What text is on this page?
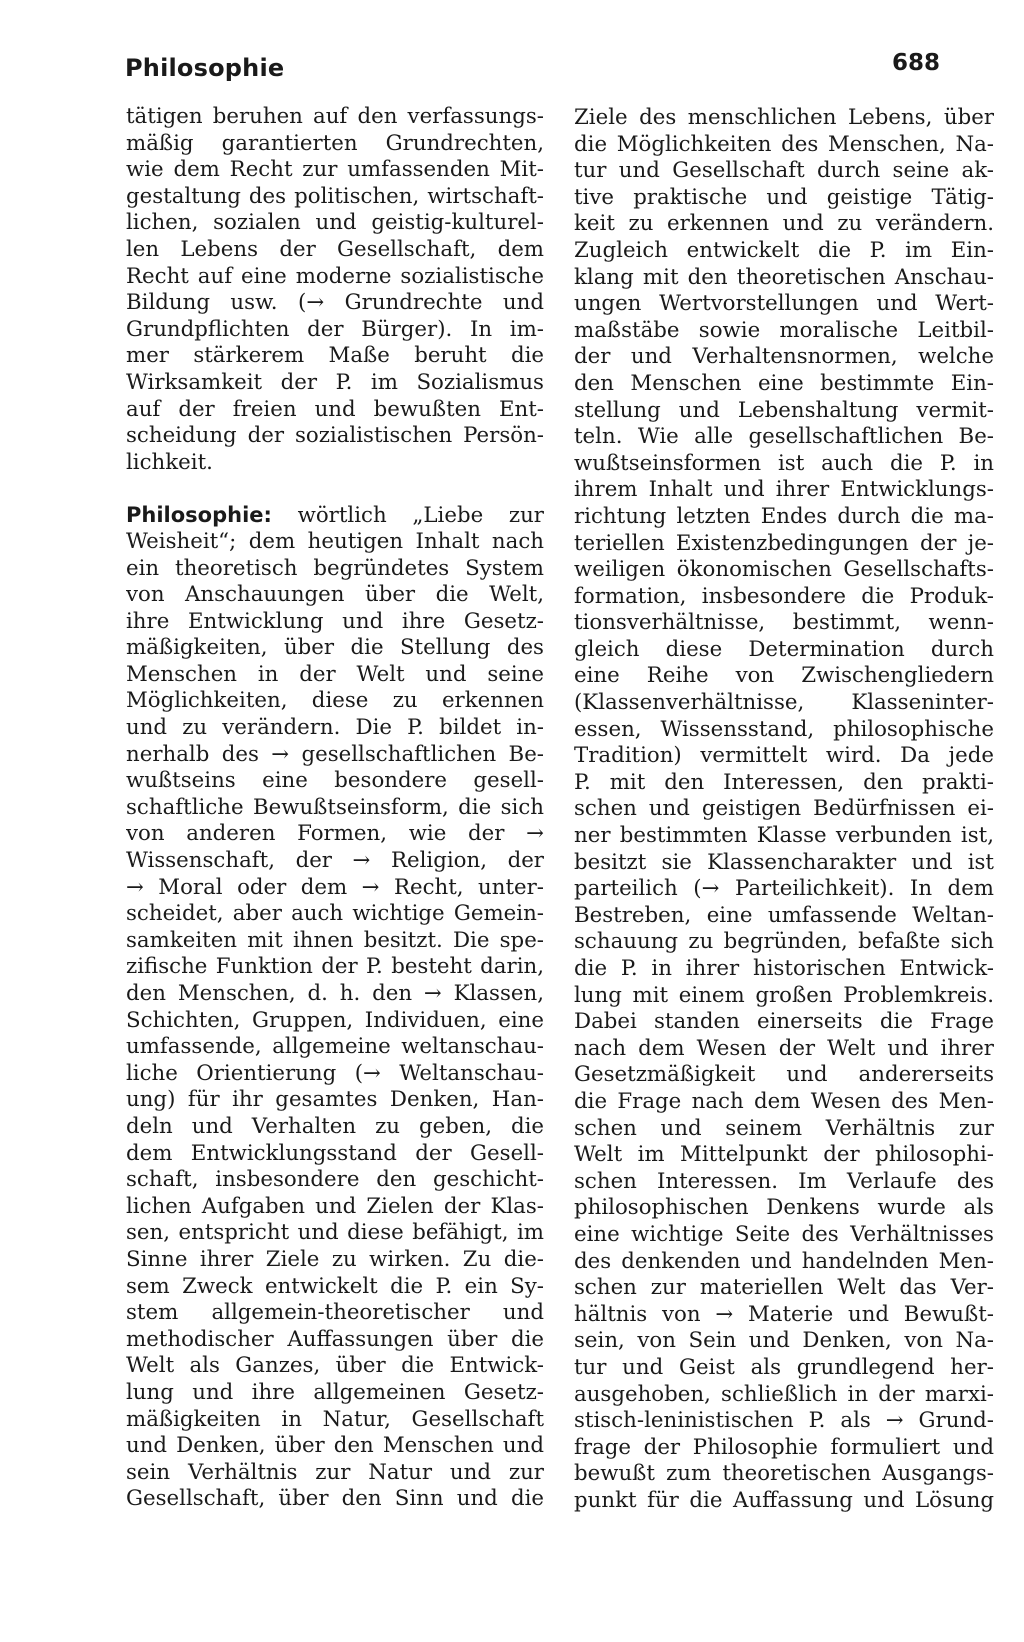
Philosophie	688
tätigen beruhen auf den verfassungs-
mäßig garantierten Grundrechten,
wie dem Recht zur umfassenden Mit-
gestaltung des politischen, wirtschaft-
lichen, sozialen und geistig-kulturel-
len Lebens der Gesellschaft, dem
Recht auf eine moderne sozialistische
Bildung usw. (→ Grundrechte und
Grundpflichten der Bürger). In im-
mer stärkerem Maße beruht die
Wirksamkeit der P. im Sozialismus
auf der freien und bewußten Ent-
scheidung der sozialistischen Persön-
lichkeit.
Philosophie: wörtlich „Liebe zur
Weisheit“; dem heutigen Inhalt nach
ein theoretisch begründetes System
von Anschauungen über die Welt,
ihre Entwicklung und ihre Gesetz-
mäßigkeiten, über die Stellung des
Menschen in der Welt und seine
Möglichkeiten, diese zu erkennen
und zu verändern. Die P. bildet in-
nerhalb des → gesellschaftlichen Be-
wußtseins eine besondere gesell-
schaftliche Bewußtseinsform, die sich
von anderen Formen, wie der →
Wissenschaft, der → Religion, der
→ Moral oder dem → Recht, unter-
scheidet, aber auch wichtige Gemein-
samkeiten mit ihnen besitzt. Die spe-
zifische Funktion der P. besteht darin,
den Menschen, d. h. den → Klassen,
Schichten, Gruppen, Individuen, eine
umfassende, allgemeine weltanschau-
liche Orientierung (→ Weltanschau-
ung) für ihr gesamtes Denken, Han-
deln und Verhalten zu geben, die
dem Entwicklungsstand der Gesell-
schaft, insbesondere den geschicht-
lichen Aufgaben und Zielen der Klas-
sen, entspricht und diese befähigt, im
Sinne ihrer Ziele zu wirken. Zu die-
sem Zweck entwickelt die P. ein Sy-
stem allgemein-theoretischer und
methodischer Auffassungen über die
Welt als Ganzes, über die Entwick-
lung und ihre allgemeinen Gesetz-
mäßigkeiten in Natur, Gesellschaft
und Denken, über den Menschen und
sein Verhältnis zur Natur und zur
Gesellschaft, über den Sinn und die
Ziele des menschlichen Lebens, über
die Möglichkeiten des Menschen, Na-
tur und Gesellschaft durch seine ak-
tive praktische und geistige Tätig-
keit zu erkennen und zu verändern.
Zugleich entwickelt die P. im Ein-
klang mit den theoretischen Anschau-
ungen Wertvorstellungen und Wert-
maßstäbe sowie moralische Leitbil-
der und Verhaltensnormen, welche
den Menschen eine bestimmte Ein-
stellung und Lebenshaltung vermit-
teln. Wie alle gesellschaftlichen Be-
wußtseinsformen ist auch die P. in
ihrem Inhalt und ihrer Entwicklungs-
richtung letzten Endes durch die ma-
teriellen Existenzbedingungen der je-
weiligen ökonomischen Gesellschafts-
formation, insbesondere die Produk-
tionsverhältnisse, bestimmt, wenn-
gleich diese Determination durch
eine Reihe von Zwischengliedern
(Klassenverhältnisse, Klasseninter-
essen, Wissensstand, philosophische
Tradition) vermittelt wird. Da jede
P. mit den Interessen, den prakti-
schen und geistigen Bedürfnissen ei-
ner bestimmten Klasse verbunden ist,
besitzt sie Klassencharakter und ist
parteilich (→ Parteilichkeit). In dem
Bestreben, eine umfassende Weltan-
schauung zu begründen, befaßte sich
die P. in ihrer historischen Entwick-
lung mit einem großen Problemkreis.
Dabei standen einerseits die Frage
nach dem Wesen der Welt und ihrer
Gesetzmäßigkeit und andererseits
die Frage nach dem Wesen des Men-
schen und seinem Verhältnis zur
Welt im Mittelpunkt der philosophi-
schen Interessen. Im Verlaufe des
philosophischen Denkens wurde als
eine wichtige Seite des Verhältnisses
des denkenden und handelnden Men-
schen zur materiellen Welt das Ver-
hältnis von → Materie und Bewußt-
sein, von Sein und Denken, von Na-
tur und Geist als grundlegend her-
ausgehoben, schließlich in der marxi-
stisch-leninistischen P. als → Grund-
frage der Philosophie formuliert und
bewußt zum theoretischen Ausgangs-
punkt für die Auffassung und Lösung
